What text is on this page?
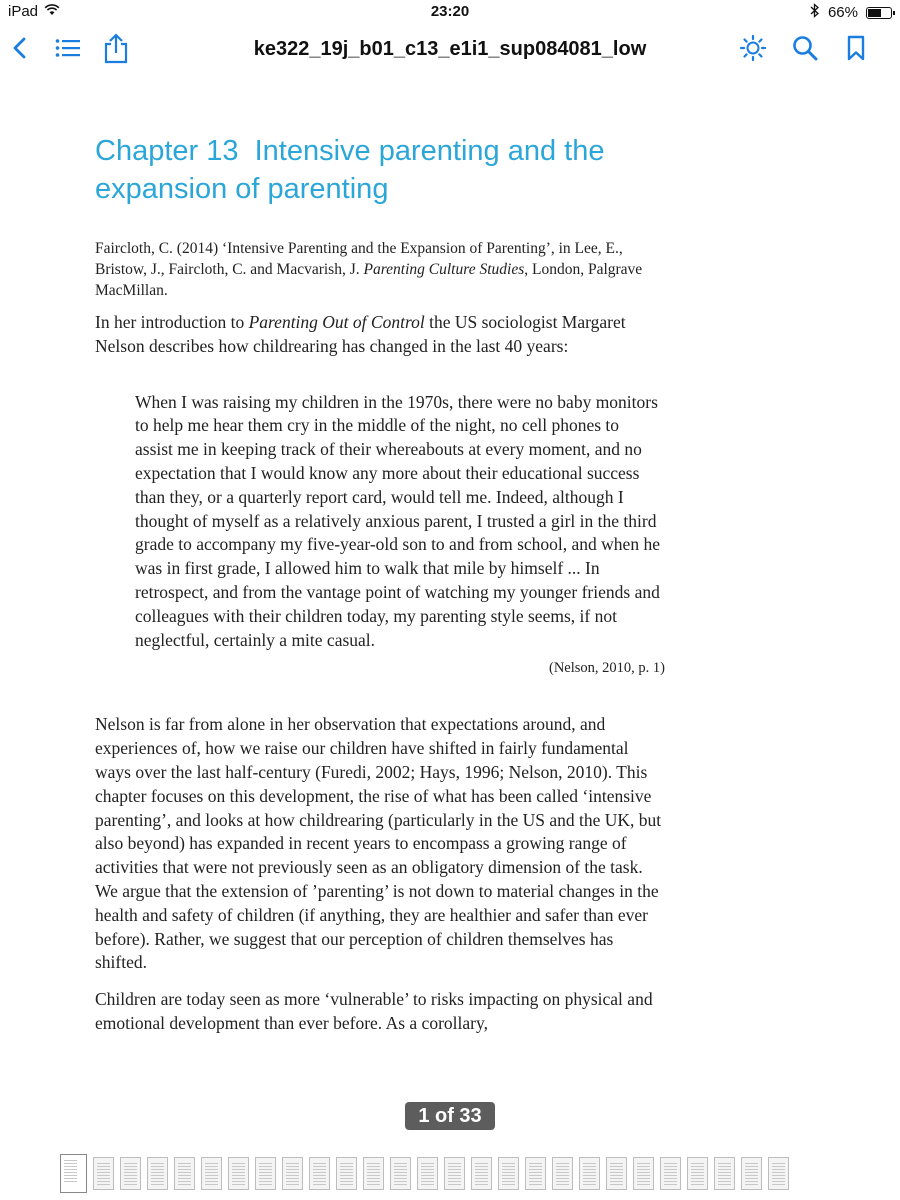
iPad	23:20	66%
ke322_19j_b01_c13_e1i1_sup084081_low
Chapter 13  Intensive parenting and the
expansion of parenting

Faircloth, C. (2014) ‘Intensive Parenting and the Expansion of Parenting’, in Lee, E., Bristow, J., Faircloth, C. and Macvarish, J. Parenting Culture Studies, London, Palgrave MacMillan.

In her introduction to Parenting Out of Control the US sociologist Margaret Nelson describes how childrearing has changed in the last 40 years:

When I was raising my children in the 1970s, there were no baby monitors to help me hear them cry in the middle of the night, no cell phones to assist me in keeping track of their whereabouts at every moment, and no expectation that I would know any more about their educational success than they, or a quarterly report card, would tell me. Indeed, although I thought of myself as a relatively anxious parent, I trusted a girl in the third grade to accompany my five-year-old son to and from school, and when he was in first grade, I allowed him to walk that mile by himself ... In retrospect, and from the vantage point of watching my younger friends and colleagues with their children today, my parenting style seems, if not neglectful, certainly a mite casual.
(Nelson, 2010, p. 1)

Nelson is far from alone in her observation that expectations around, and experiences of, how we raise our children have shifted in fairly fundamental ways over the last half-century (Furedi, 2002; Hays, 1996; Nelson, 2010). This chapter focuses on this development, the rise of what has been called ‘intensive parenting’, and looks at how childrearing (particularly in the US and the UK, but also beyond) has expanded in recent years to encompass a growing range of activities that were not previously seen as an obligatory dimension of the task. We argue that the extension of ’parenting’ is not down to material changes in the health and safety of children (if anything, they are healthier and safer than ever before). Rather, we suggest that our perception of children themselves has shifted.

Children are today seen as more ‘vulnerable’ to risks impacting on physical and emotional development than ever before. As a corollary,

1 of 33
